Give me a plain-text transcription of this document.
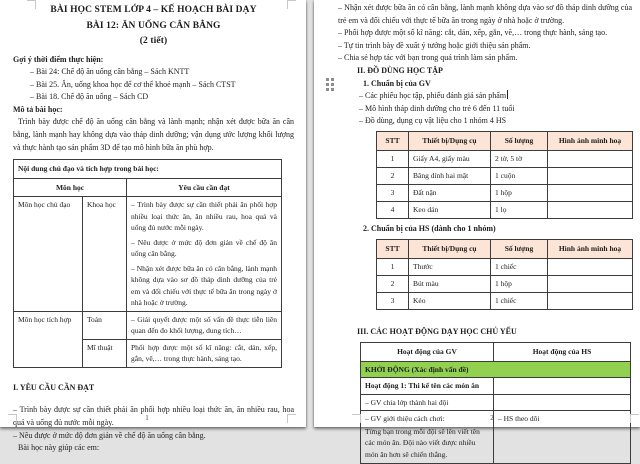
BÀI HỌC STEM LỚP 4 – KẾ HOẠCH BÀI DẠY

BÀI 12: ĂN UỐNG CÂN BẰNG

(2 tiết)

Gợi ý thời điểm thực hiện:

– Bài 24: Chế độ ăn uống cân bằng – Sách KNTT

– Bài 25. Ăn, uống khoa học để cơ thể khoẻ mạnh – Sách CTST

– Bài 18. Chế độ ăn uống – Sách CD

Mô tả bài học:

Trình bày được chế độ ăn uống cân bằng và lành mạnh; nhận xét được bữa ăn cân bằng, lành mạnh hay không dựa vào tháp dinh dưỡng; vận dụng ước lượng khối lượng và thực hành tạo sản phẩm 3D để tạo mô hình bữa ăn phù hợp.

Nội dung chủ đạo và tích hợp trong bài học:		
Môn học		Yêu cầu cần đạt
Môn học chủ đạo	Khoa học	– Trình bày được sự cần thiết phải ăn phối hợp nhiều loại thức ăn, ăn nhiều rau, hoa quả và uống đủ nước mỗi ngày.

– Nêu được ở mức độ đơn giản về chế độ ăn uống cân bằng.

– Nhận xét được bữa ăn có cân bằng, lành mạnh không dựa vào sơ đồ tháp dinh dưỡng của trẻ em và đối chiếu với thực tế bữa ăn trong ngày ở nhà hoặc ở trường.

Môn học tích hợp	Toán	– Giải quyết được một số vấn đề thực tiễn liên quan đến đo khối lượng, dung tích…

	Mĩ thuật	Phối hợp được một số kĩ năng: cắt, dán, xếp, gắn, vẽ,… trong thực hành, sáng tạo.

I. YÊU CẦU CẦN ĐẠT

– Trình bày được sự cần thiết phải ăn phối hợp nhiều loại thức ăn, ăn nhiều rau, hoa quả và uống đủ nước mỗi ngày.

– Nêu được ở mức độ đơn giản về chế độ ăn uống cân bằng.

Bài học này giúp các em:

1

– Nhận xét được bữa ăn có cân bằng, lành mạnh không dựa vào sơ đồ tháp dinh dưỡng của trẻ em và đối chiếu với thực tế bữa ăn trong ngày ở nhà hoặc ở trường.

– Phối hợp được một số kĩ năng: cắt, dán, xếp, gắn, vẽ,… trong thực hành, sáng tạo.

– Tự tin trình bày đề xuất ý tưởng hoặc giới thiệu sản phẩm.

– Chia sẻ hợp tác với bạn trong quá trình làm sản phẩm.

II. ĐỒ DÙNG HỌC TẬP

1. Chuẩn bị của GV

– Các phiếu học tập, phiếu đánh giá sản phẩm

– Mô hình tháp dinh dưỡng cho trẻ 6 đến 11 tuổi

– Đồ dùng, dụng cụ vật liệu cho 1 nhóm 4 HS

STT	Thiết bị/Dụng cụ	Số lượng	Hình ảnh minh hoạ
1	Giấy A4, giấy màu	2 tờ, 5 tờ	
2	Băng dính hai mặt	1 cuộn	
3	Đất nặn	1 hộp	
4	Keo dán	1 lọ	

2. Chuẩn bị của HS (dành cho 1 nhóm)

STT	Thiết bị/Dụng cụ	Số lượng	Hình ảnh minh hoạ
1	Thước	1 chiếc	
2	Bút màu	1 hộp	
3	Kéo	1 chiếc	

III. CÁC HOẠT ĐỘNG DẠY HỌC CHỦ YẾU

Hoạt động của GV	Hoạt động của HS
KHỞI ĐỘNG (Xác định vấn đề)	
Hoạt động 1: Thi kể tên các món ăn	
– GV chia lớp thành hai đội	

– GV giới thiệu cách chơi:

Từng bạn trong mỗi đội sẽ lên viết tên các món ăn. Đội nào viết được nhiều món ăn hơn sẽ chiến thắng.	– HS theo dõi
2
